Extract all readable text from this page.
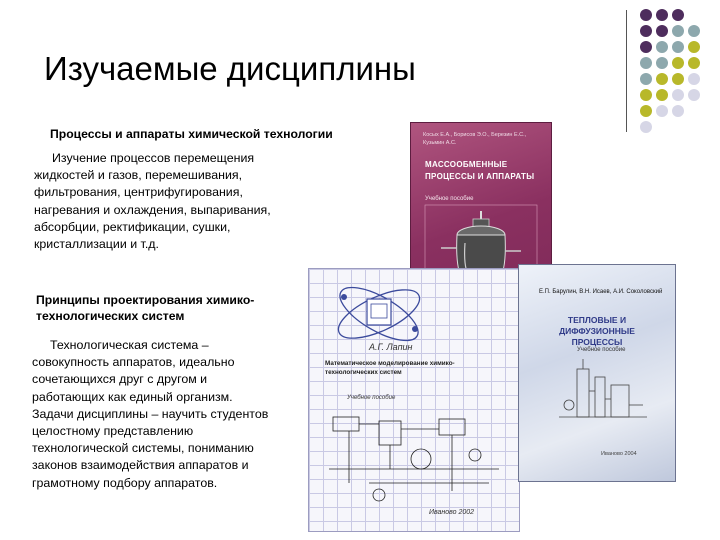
Изучаемые дисциплины
Косых Е.А., Борисов Э.О., Березин Е.С., Кузьмин А.С.
МАССООБМЕННЫЕ ПРОЦЕССЫ И АППАРАТЫ
Учебное пособие
А.Г. Лапин
Математическое моделирование химико-технологических систем
Учебное пособие
Иваново 2002
Е.П. Барулин, В.Н. Исаев, А.И. Соколовский
ТЕПЛОВЫЕ И ДИФФУЗИОННЫЕ ПРОЦЕССЫ
Учебное пособие
Иваново 2004
Процессы и аппараты химической технологии

Изучение процессов перемещения жидкостей и газов, перемешивания, фильтрования, центрифугирования, нагревания и охлаждения, выпаривания, абсорбции, ректификации, сушки, кристаллизации и т.д.

Принципы проектирования химико-технологических систем

Технологическая система – совокупность аппаратов, идеально сочетающихся друг с другом и работающих как единый организм. Задачи дисциплины – научить студентов целостному представлению технологической системы, пониманию законов взаимодействия аппаратов и грамотному подбору аппаратов.
